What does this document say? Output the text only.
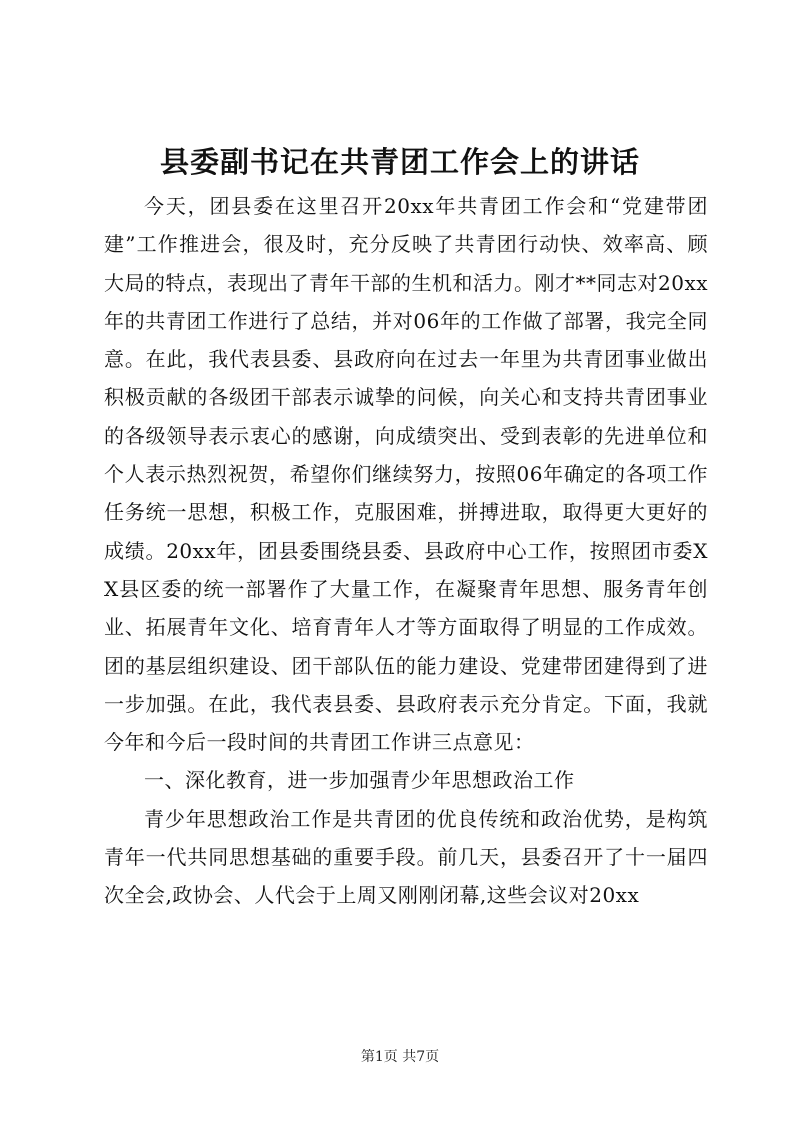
县委副书记在共青团工作会上的讲话

今天，团县委在这里召开20xx年共青团工作会和“党建带团建”工作推进会，很及时，充分反映了共青团行动快、效率高、顾大局的特点，表现出了青年干部的生机和活力。刚才**同志对20xx年的共青团工作进行了总结，并对06年的工作做了部署，我完全同意。在此，我代表县委、县政府向在过去一年里为共青团事业做出积极贡献的各级团干部表示诚挚的问候，向关心和支持共青团事业的各级领导表示衷心的感谢，向成绩突出、受到表彰的先进单位和个人表示热烈祝贺，希望你们继续努力，按照06年确定的各项工作任务统一思想，积极工作，克服困难，拼搏进取，取得更大更好的成绩。20xx年，团县委围绕县委、县政府中心工作，按照团市委XX县区委的统一部署作了大量工作，在凝聚青年思想、服务青年创业、拓展青年文化、培育青年人才等方面取得了明显的工作成效。团的基层组织建设、团干部队伍的能力建设、党建带团建得到了进一步加强。在此，我代表县委、县政府表示充分肯定。下面，我就今年和今后一段时间的共青团工作讲三点意见：

一、深化教育，进一步加强青少年思想政治工作

青少年思想政治工作是共青团的优良传统和政治优势，是构筑青年一代共同思想基础的重要手段。前几天，县委召开了十一届四次全会,政协会、人代会于上周又刚刚闭幕,这些会议对20xx

第1页 共7页
